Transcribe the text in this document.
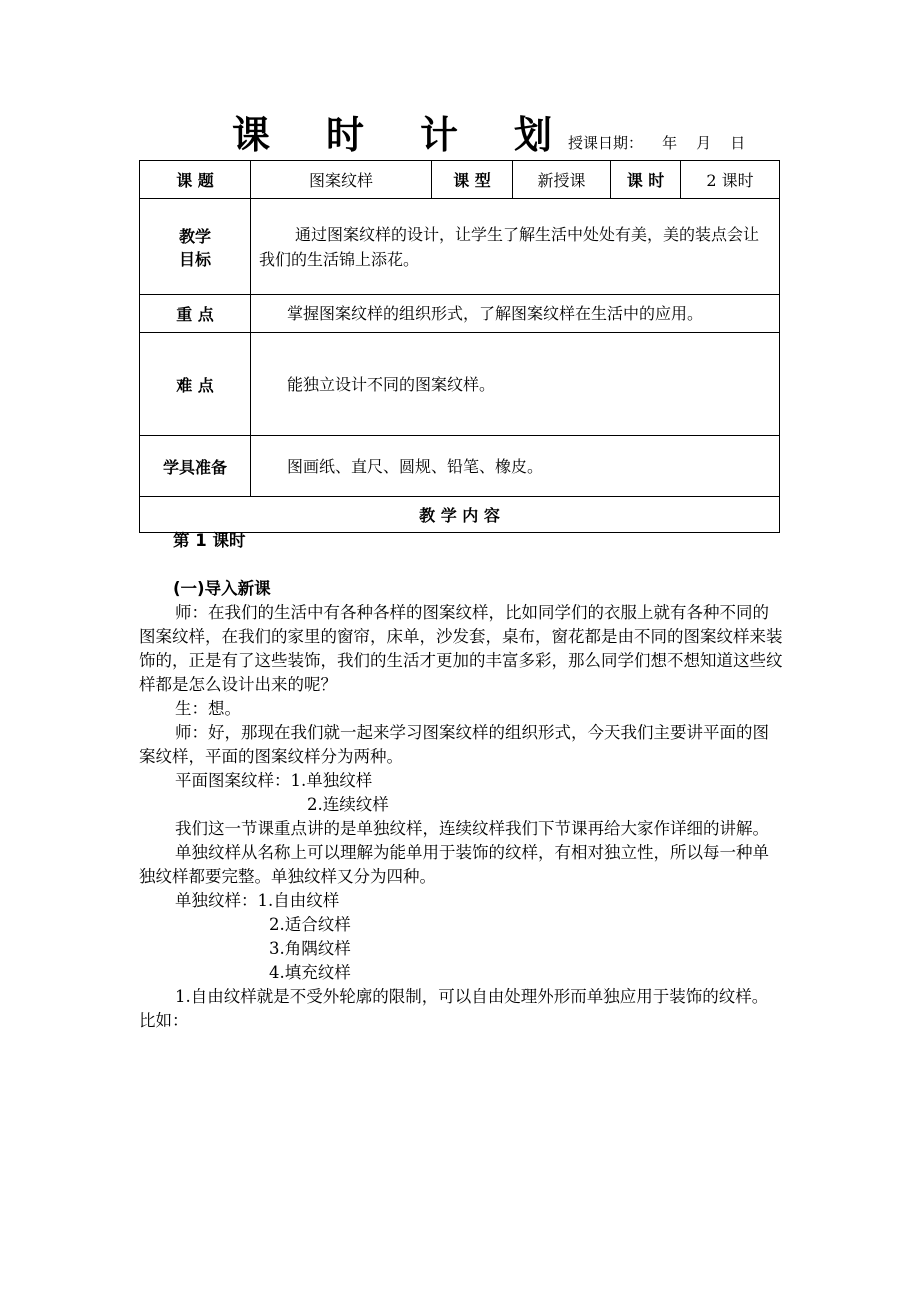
课时计划
授课日期：    年    月    日
课 题	图案纹样	课 型	新授课	课 时	2 课时

教学
目标	通过图案纹样的设计，让学生了解生活中处处有美，美的装点会让我们的生活锦上添花。				
重 点	掌握图案纹样的组织形式，了解图案纹样在生活中的应用。				
难 点	能独立设计不同的图案纹样。				
学具准备	图画纸、直尺、圆规、铅笔、橡皮。				
教 学 内 容					

第 1 课时

(一)导入新课

师：在我们的生活中有各种各样的图案纹样，比如同学们的衣服上就有各种不同的图案纹样，在我们的家里的窗帘，床单，沙发套，桌布，窗花都是由不同的图案纹样来装饰的，正是有了这些装饰，我们的生活才更加的丰富多彩，那么同学们想不想知道这些纹样都是怎么设计出来的呢？

生：想。

师：好，那现在我们就一起来学习图案纹样的组织形式，今天我们主要讲平面的图案纹样，平面的图案纹样分为两种。

平面图案纹样：1.单独纹样

2.连续纹样

我们这一节课重点讲的是单独纹样，连续纹样我们下节课再给大家作详细的讲解。

单独纹样从名称上可以理解为能单用于装饰的纹样，有相对独立性，所以每一种单独纹样都要完整。单独纹样又分为四种。

单独纹样：1.自由纹样

2.适合纹样

3.角隅纹样

4.填充纹样

1.自由纹样就是不受外轮廓的限制，可以自由处理外形而单独应用于装饰的纹样。比如：
